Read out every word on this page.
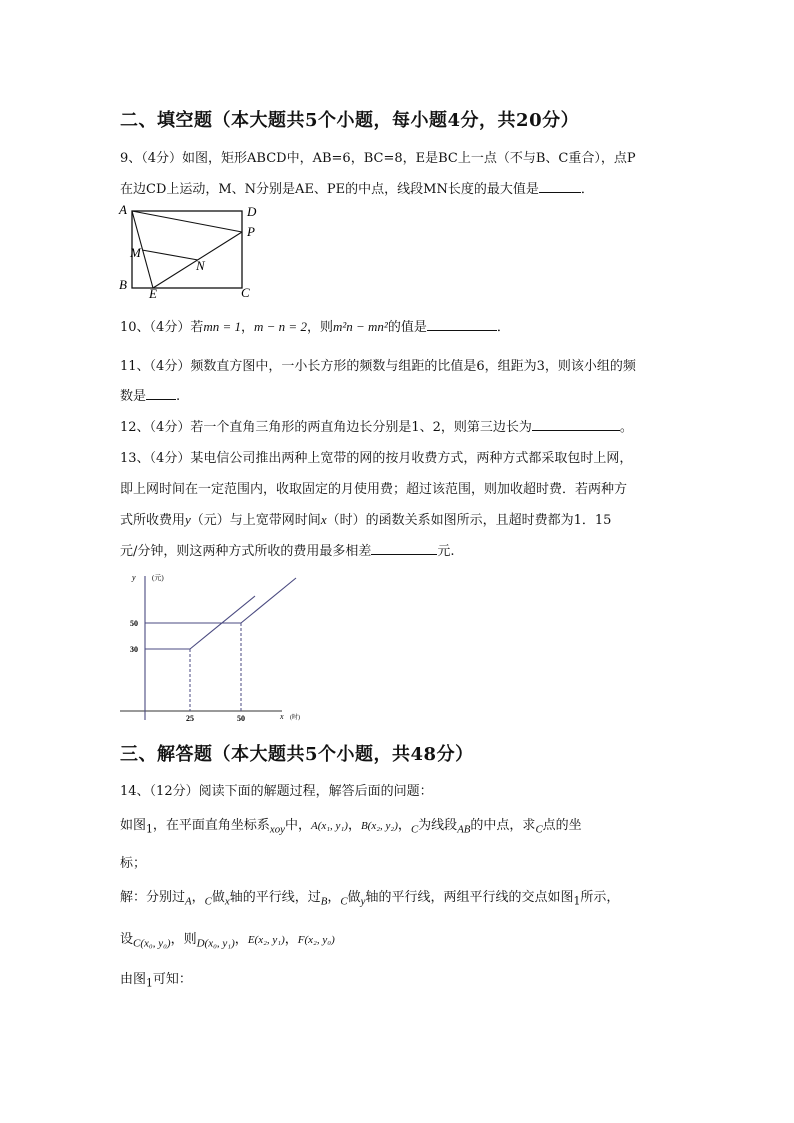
二、填空题（本大题共5个小题，每小题4分，共20分）
9、（4分）如图，矩形ABCD中，AB=6，BC=8，E是BC上一点（不与B、C重合），点P
在边CD上运动，M、N分别是AE、PE的中点，线段MN长度的最大值是	．
A	D
P
M
N
B
E	C
10、（4分）若mn = 1，m − n = 2，则m²n − mn²的值是	．
11、（4分）频数直方图中，一小长方形的频数与组距的比值是6，组距为3，则该小组的频
数是 .
12、（4分）若一个直角三角形的两直角边长分别是1、2，则第三边长为	。
13、（4分）某电信公司推出两种上宽带的网的按月收费方式，两种方式都采取包时上网，
即上网时间在一定范围内，收取固定的月使用费；超过该范围，则加收超时费．若两种方
式所收费用y（元）与上宽带网时间x（时）的函数关系如图所示，且超时费都为1．15
元/分钟，则这两种方式所收的费用最多相差	元.
y (元)
50
30
25	50	x (时)
三、解答题（本大题共5个小题，共48分）
14、（12分）阅读下面的解题过程，解答后面的问题：
如图$_1$，在平面直角坐标系$_{xoy}$中，A(x₁, y₁)，B(x₂, y₂)，$_C$为线段$_{AB}$的中点，求$_C$点的坐
标；
解：分别过$_A$，$_C$做$_x$轴的平行线，过$_B$，$_C$做$_y$轴的平行线，两组平行线的交点如图$_1$所示，
设$_{C(x_0, y_0)}$，则$_{D(x_0, y_1)}$，E(x₂, y₁)，F(x₂, y₀)
由图$_1$可知：
